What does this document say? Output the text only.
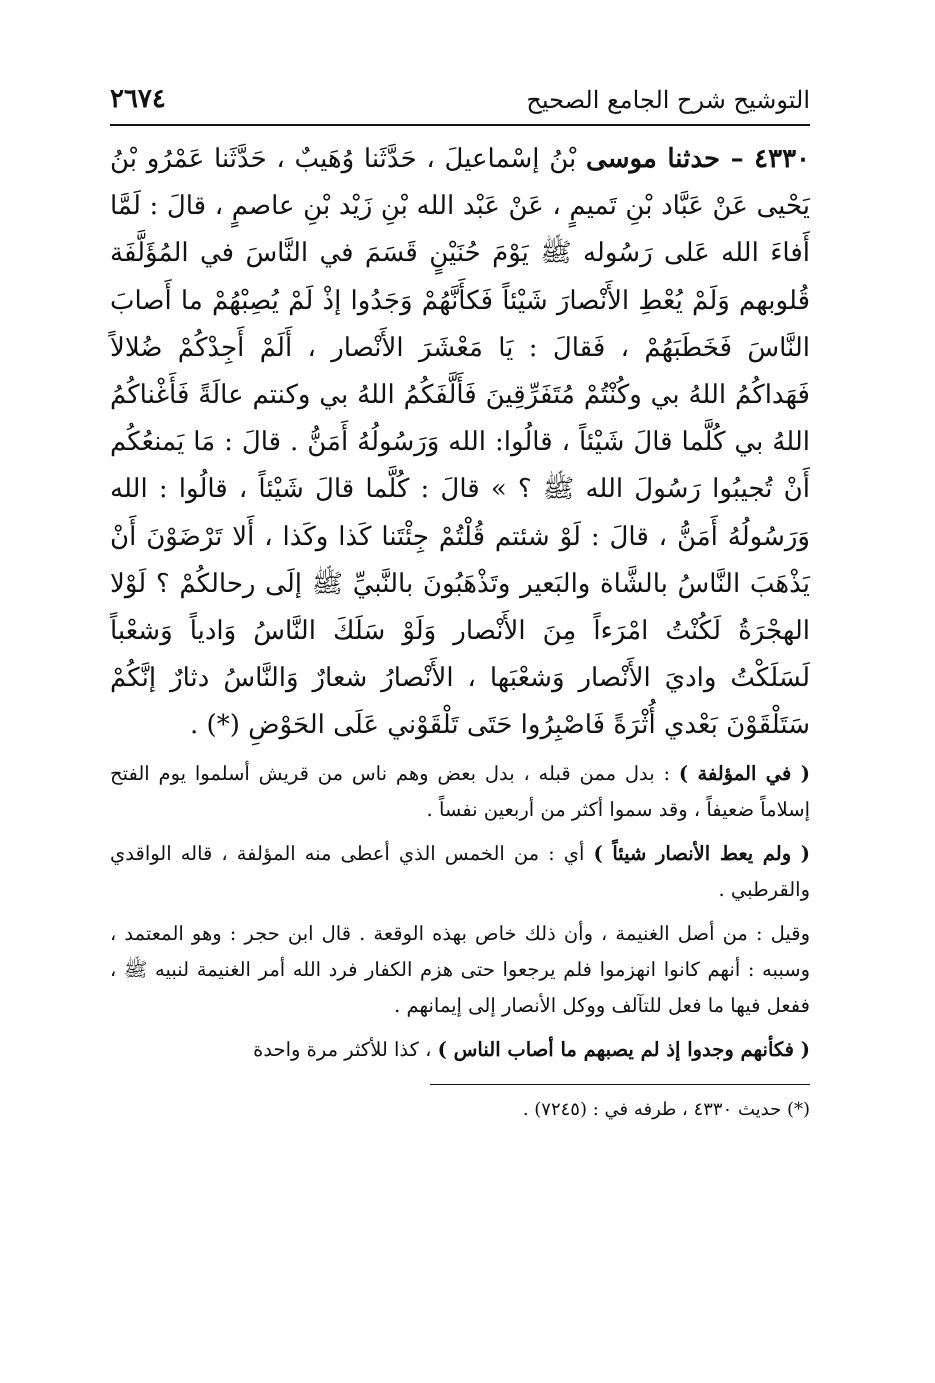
٢٦٧٤	التوشيح شرح الجامع الصحيح
٤٣٣٠ – حدثنا موسى بْنُ إسْماعيلَ ، حَدَّثَنا وُهَيبٌ ، حَدَّثَنا عَمْرُو بْنُ يَحْيى عَنْ عَبَّاد بْنِ تَميمٍ ، عَنْ عَبْد الله بْنِ زَيْد بْنِ عاصمٍ ، قالَ : لَمَّا أَفاءَ الله عَلى رَسُوله ﷺ يَوْمَ حُنَيْنٍ قَسَمَ في النَّاسَ في المُؤَلَّفَة قُلوبهم وَلَمْ يُعْطِ الأَنْصارَ شَيْئاً فَكأَنَّهُمْ وَجَدُوا إذْ لَمْ يُصِبْهُمْ ما أَصابَ النَّاسَ فَخَطَبَهُمْ ، فَقالَ : يَا مَعْشَرَ الأَنْصار ، أَلَمْ أَجِدْكُمْ ضُلالاً فَهَداكُمُ اللهُ بي وكُنْتُمْ مُتَفَرِّقِينَ فَأَلَّفَكُمُ اللهُ بي وكنتم عالَةً فَأَغْناكُمُ اللهُ بي كُلَّما قالَ شَيْئاً ، قالُوا: الله وَرَسُولُهُ أَمَنُّ . قالَ : مَا يَمنعُكُم أَنْ تُجيبُوا رَسُولَ الله ﷺ ؟ » قالَ : كُلَّما قالَ شَيْئاً ، قالُوا : الله وَرَسُولُهُ أَمَنُّ ، قالَ : لَوْ شئتم قُلْتُمْ جِئْتَنا كَذا وكَذا ، أَلا تَرْضَوْنَ أَنْ يَذْهَبَ النَّاسُ بالشَّاة والبَعير وتَذْهَبُونَ بالنَّبيِّ ﷺ إلَى رحالكُمْ ؟ لَوْلا الهجْرَةُ لَكُنْتُ امْرَءاً مِنَ الأَنْصار وَلَوْ سَلَكَ النَّاسُ وَادياً وَشعْباً لَسَلَكْتُ واديَ الأَنْصار وَشعْبَها ، الأَنْصارُ شعارٌ وَالنَّاسُ دثارٌ إنَّكُمْ سَتَلْقَوْنَ بَعْدي أُثْرَةً فَاصْبِرُوا حَتَى تَلْقَوْني عَلَى الحَوْضِ (*) .
( في المؤلفة ) : بدل ممن قبله ، بدل بعض وهم ناس من قريش أسلموا يوم الفتح إسلاماً ضعيفاً ، وقد سموا أكثر من أربعين نفساً .
( ولم يعط الأنصار شيئاً ) أي : من الخمس الذي أعطى منه المؤلفة ، قاله الواقدي والقرطبي .
وقيل : من أصل الغنيمة ، وأن ذلك خاص بهذه الوقعة . قال ابن حجر : وهو المعتمد ، وسببه : أنهم كانوا انهزموا فلم يرجعوا حتى هزم الكفار فرد الله أمر الغنيمة لنبيه ﷺ ، ففعل فيها ما فعل للتآلف ووكل الأنصار إلى إيمانهم .
( فكأنهم وجدوا إذ لم يصبهم ما أصاب الناس ) ، كذا للأكثر مرة واحدة
(*) حديث ٤٣٣٠ ، طرفه في : (٧٢٤٥) .
